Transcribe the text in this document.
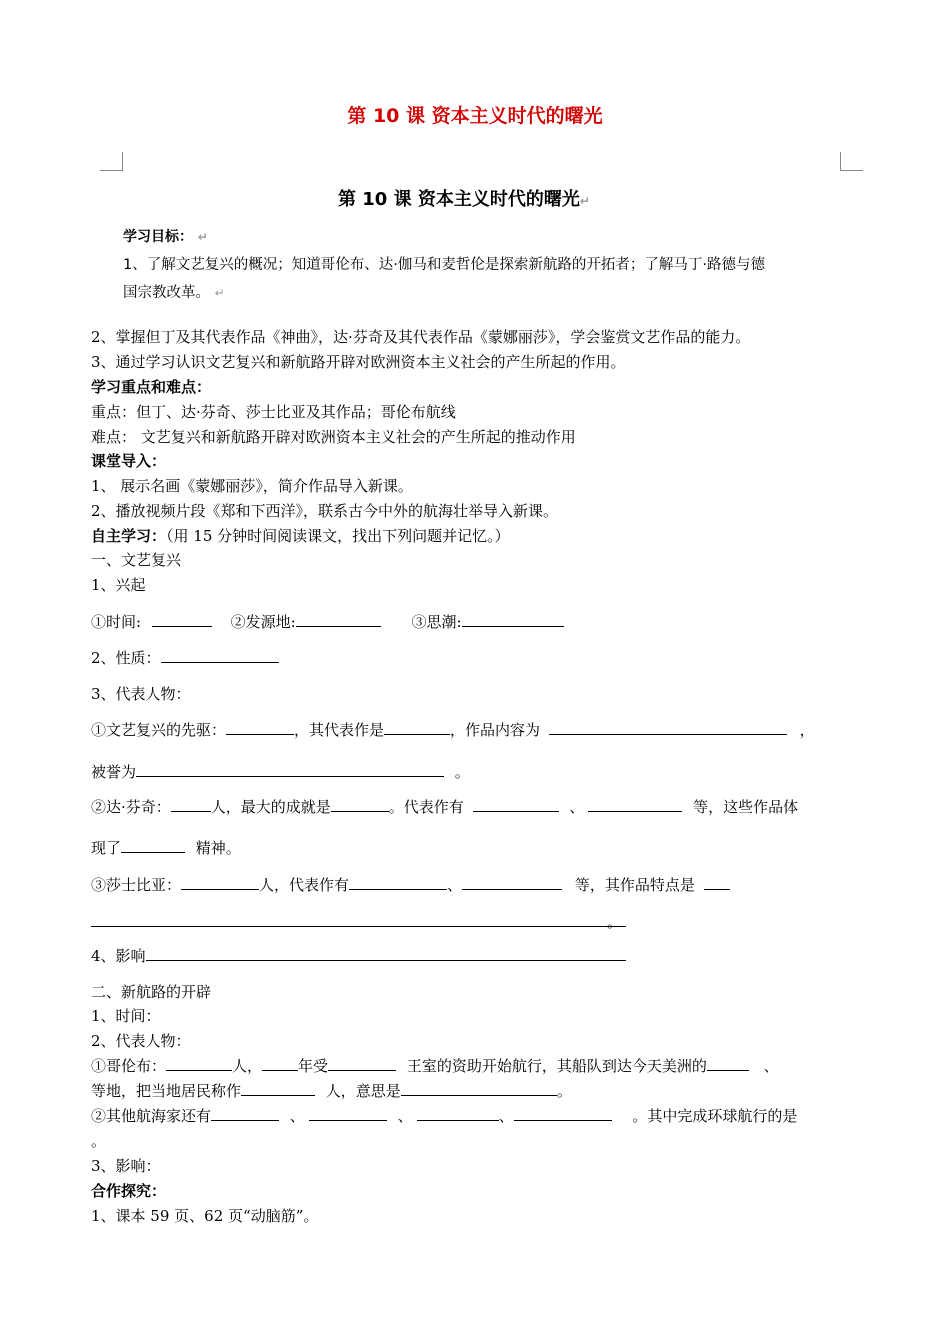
第 10 课 资本主义时代的曙光
第 10 课 资本主义时代的曙光↵
学习目标： ↵
1、了解文艺复兴的概况；知道哥伦布、达·伽马和麦哲伦是探索新航路的开拓者；了解马丁·路德与德
国宗教改革。 ↵
2、掌握但丁及其代表作品《神曲》，达·芬奇及其代表作品《蒙娜丽莎》，学会鉴赏文艺作品的能力。
3、通过学习认识文艺复兴和新航路开辟对欧洲资本主义社会的产生所起的作用。
学习重点和难点：
重点：但丁、达·芬奇、莎士比亚及其作品；哥伦布航线
难点： 文艺复兴和新航路开辟对欧洲资本主义社会的产生所起的推动作用
课堂导入：
1、 展示名画《蒙娜丽莎》，简介作品导入新课。
2、播放视频片段《郑和下西洋》，联系古今中外的航海壮举导入新课。
自主学习：（用 15 分钟时间阅读课文，找出下列问题并记忆。）
一、文艺复兴
1、兴起
①时间:	②发源地:	③思潮:
2、性质：
3、代表人物：
①文艺复兴的先驱：	，其代表作是	，作品内容为	，
被誉为	。
②达·芬奇：	人，最大的成就是	。代表作有	、	等，这些作品体
现了	精神。
③莎士比亚：	人，代表作有	、	等，其作品特点是
。
4、影响
二、新航路的开辟
1、时间：
2、代表人物：
①哥伦布：	人， 年受	王室的资助开始航行，其船队到达今天美洲的	、
等地，把当地居民称作	人，意思是	。
②其他航海家还有	、	、	、	。其中完成环球航行的是
。
3、影响：
合作探究：
1、课本 59 页、62 页“动脑筋”。
